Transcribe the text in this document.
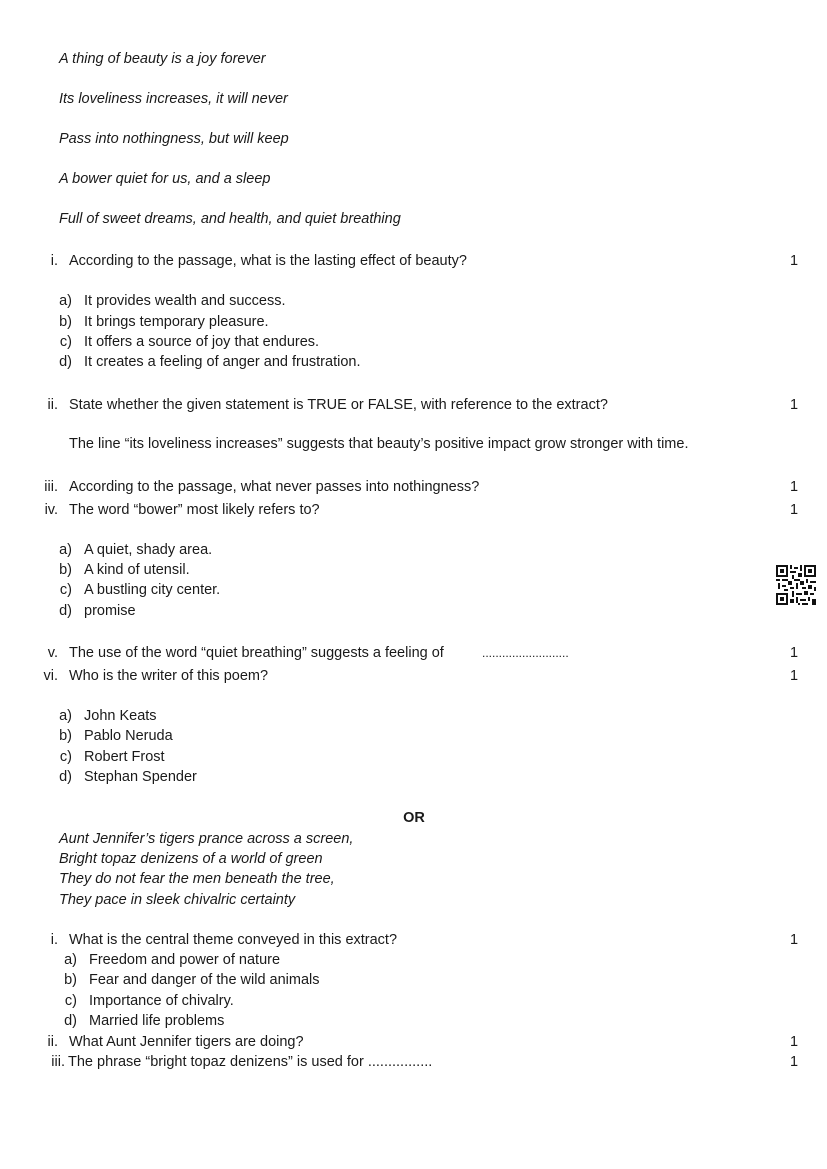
A thing of beauty is a joy forever
Its loveliness increases, it will never
Pass into nothingness, but will keep
A bower quiet for us, and a sleep
Full of sweet dreams, and health, and quiet breathing
i. According to the passage, what is the lasting effect of beauty?	1
a) It provides wealth and success.
b) It brings temporary pleasure.
c) It offers a source of joy that endures.
d) It creates a feeling of anger and frustration.
ii. State whether the given statement is TRUE or FALSE, with reference to the extract?	1
The line “its loveliness increases” suggests that beauty’s positive impact grow stronger with time.
iii. According to the passage, what never passes into nothingness?	1
iv. The word “bower” most likely refers to?	1
a) A quiet, shady area.
b) A kind of utensil.
c) A bustling city center.
d) promise
v. The use of the word “quiet breathing” suggests a feeling of	..........................	1
vi. Who is the writer of this poem?	1
a) John Keats
b) Pablo Neruda
c) Robert Frost
d) Stephan Spender
OR
Aunt Jennifer’s tigers prance across a screen,
Bright topaz denizens of a world of green
They do not fear the men beneath the tree,
They pace in sleek chivalric certainty
i. What is the central theme conveyed in this extract?	1
a) Freedom and power of nature
b) Fear and danger of the wild animals
c) Importance of chivalry.
d) Married life problems
ii. What Aunt Jennifer tigers are doing?	1
iii. The phrase “bright topaz denizens” is used for ................	1
